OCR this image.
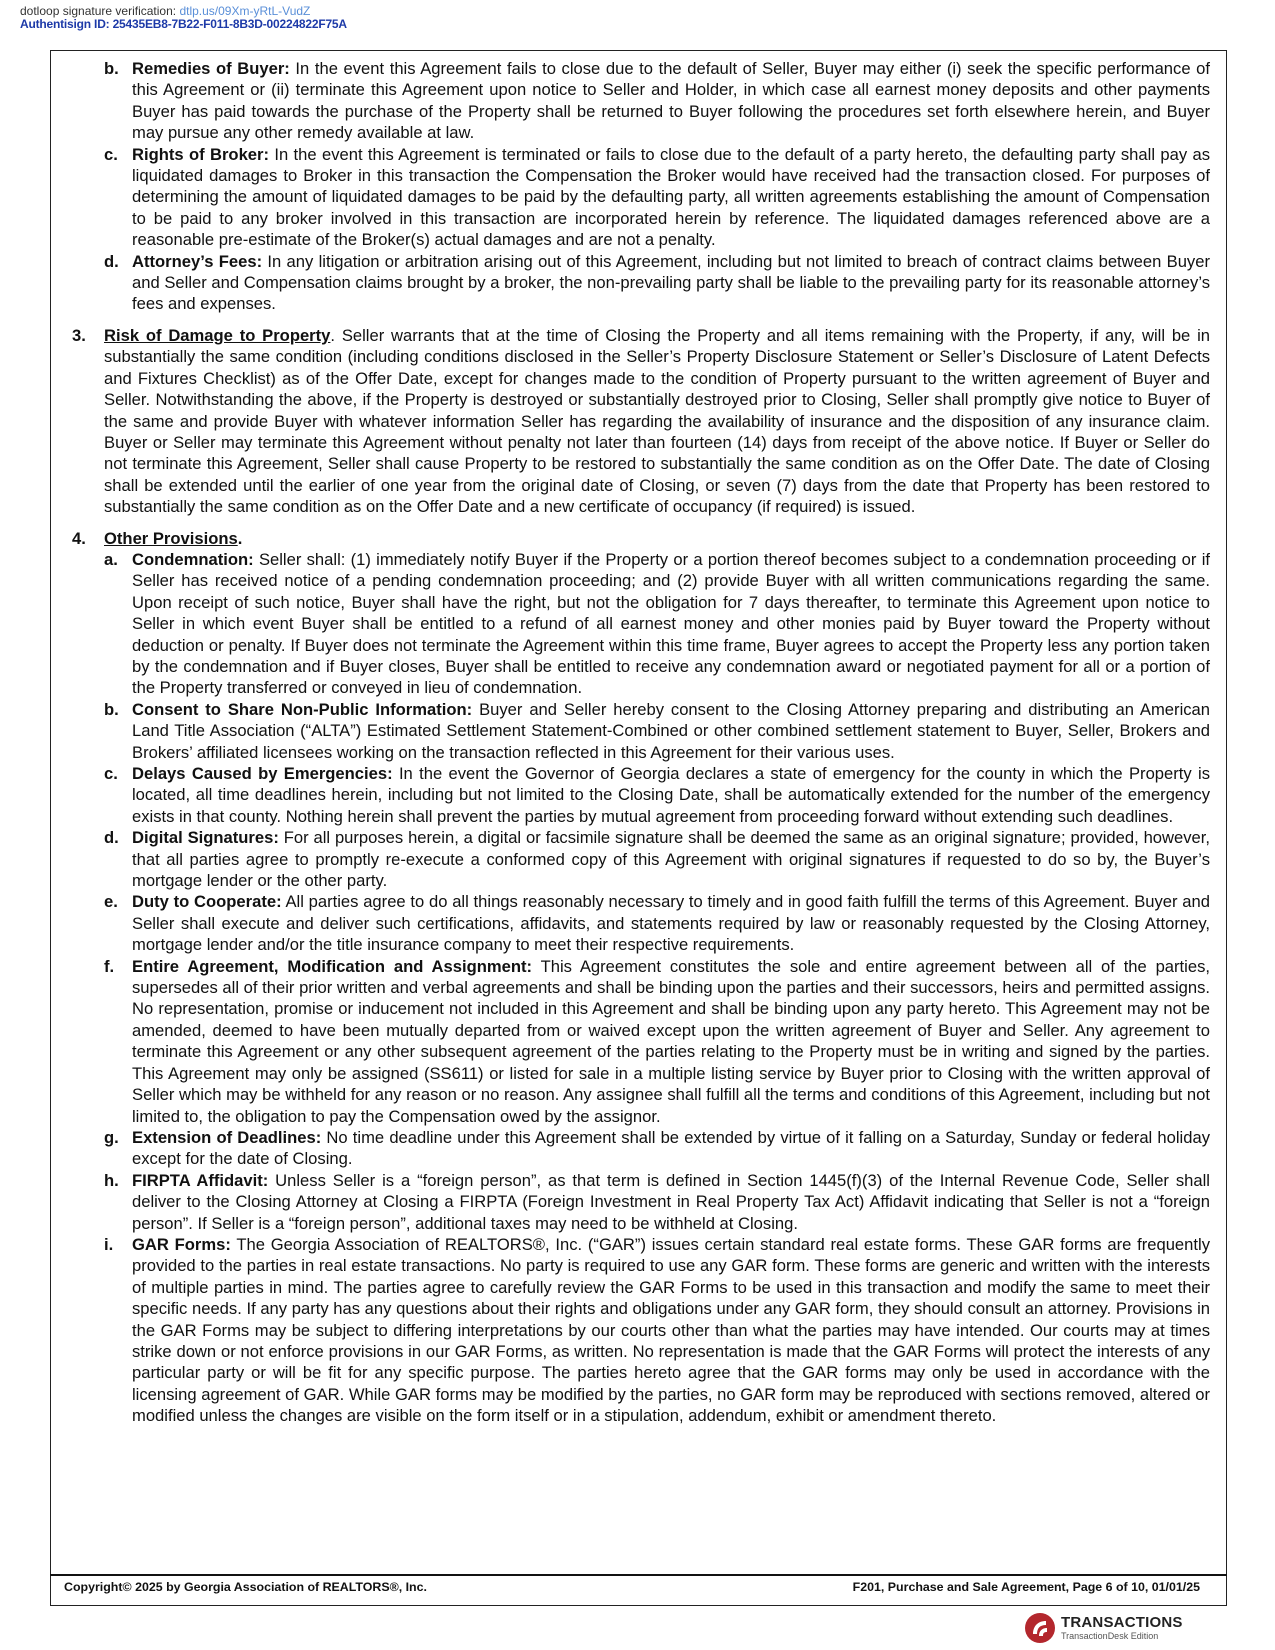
dotloop signature verification: dtlp.us/09Xm-yRtL-VudZ
Authentisign ID: 25435EB8-7B22-F011-8B3D-00224822F75A
b. Remedies of Buyer: In the event this Agreement fails to close due to the default of Seller, Buyer may either (i) seek the specific performance of this Agreement or (ii) terminate this Agreement upon notice to Seller and Holder, in which case all earnest money deposits and other payments Buyer has paid towards the purchase of the Property shall be returned to Buyer following the procedures set forth elsewhere herein, and Buyer may pursue any other remedy available at law.
c. Rights of Broker: In the event this Agreement is terminated or fails to close due to the default of a party hereto, the defaulting party shall pay as liquidated damages to Broker in this transaction the Compensation the Broker would have received had the transaction closed. For purposes of determining the amount of liquidated damages to be paid by the defaulting party, all written agreements establishing the amount of Compensation to be paid to any broker involved in this transaction are incorporated herein by reference. The liquidated damages referenced above are a reasonable pre-estimate of the Broker(s) actual damages and are not a penalty.
d. Attorney’s Fees: In any litigation or arbitration arising out of this Agreement, including but not limited to breach of contract claims between Buyer and Seller and Compensation claims brought by a broker, the non-prevailing party shall be liable to the prevailing party for its reasonable attorney’s fees and expenses.
3. Risk of Damage to Property. Seller warrants that at the time of Closing the Property and all items remaining with the Property, if any, will be in substantially the same condition (including conditions disclosed in the Seller’s Property Disclosure Statement or Seller’s Disclosure of Latent Defects and Fixtures Checklist) as of the Offer Date, except for changes made to the condition of Property pursuant to the written agreement of Buyer and Seller. Notwithstanding the above, if the Property is destroyed or substantially destroyed prior to Closing, Seller shall promptly give notice to Buyer of the same and provide Buyer with whatever information Seller has regarding the availability of insurance and the disposition of any insurance claim. Buyer or Seller may terminate this Agreement without penalty not later than fourteen (14) days from receipt of the above notice. If Buyer or Seller do not terminate this Agreement, Seller shall cause Property to be restored to substantially the same condition as on the Offer Date. The date of Closing shall be extended until the earlier of one year from the original date of Closing, or seven (7) days from the date that Property has been restored to substantially the same condition as on the Offer Date and a new certificate of occupancy (if required) is issued.
4. Other Provisions.
a. Condemnation: Seller shall: (1) immediately notify Buyer if the Property or a portion thereof becomes subject to a condemnation proceeding or if Seller has received notice of a pending condemnation proceeding; and (2) provide Buyer with all written communications regarding the same. Upon receipt of such notice, Buyer shall have the right, but not the obligation for 7 days thereafter, to terminate this Agreement upon notice to Seller in which event Buyer shall be entitled to a refund of all earnest money and other monies paid by Buyer toward the Property without deduction or penalty. If Buyer does not terminate the Agreement within this time frame, Buyer agrees to accept the Property less any portion taken by the condemnation and if Buyer closes, Buyer shall be entitled to receive any condemnation award or negotiated payment for all or a portion of the Property transferred or conveyed in lieu of condemnation.
b. Consent to Share Non-Public Information: Buyer and Seller hereby consent to the Closing Attorney preparing and distributing an American Land Title Association (“ALTA”) Estimated Settlement Statement-Combined or other combined settlement statement to Buyer, Seller, Brokers and Brokers’ affiliated licensees working on the transaction reflected in this Agreement for their various uses.
c. Delays Caused by Emergencies: In the event the Governor of Georgia declares a state of emergency for the county in which the Property is located, all time deadlines herein, including but not limited to the Closing Date, shall be automatically extended for the number of the emergency exists in that county. Nothing herein shall prevent the parties by mutual agreement from proceeding forward without extending such deadlines.
d. Digital Signatures: For all purposes herein, a digital or facsimile signature shall be deemed the same as an original signature; provided, however, that all parties agree to promptly re-execute a conformed copy of this Agreement with original signatures if requested to do so by, the Buyer’s mortgage lender or the other party.
e. Duty to Cooperate: All parties agree to do all things reasonably necessary to timely and in good faith fulfill the terms of this Agreement. Buyer and Seller shall execute and deliver such certifications, affidavits, and statements required by law or reasonably requested by the Closing Attorney, mortgage lender and/or the title insurance company to meet their respective requirements.
f. Entire Agreement, Modification and Assignment: This Agreement constitutes the sole and entire agreement between all of the parties, supersedes all of their prior written and verbal agreements and shall be binding upon the parties and their successors, heirs and permitted assigns. No representation, promise or inducement not included in this Agreement and shall be binding upon any party hereto. This Agreement may not be amended, deemed to have been mutually departed from or waived except upon the written agreement of Buyer and Seller. Any agreement to terminate this Agreement or any other subsequent agreement of the parties relating to the Property must be in writing and signed by the parties. This Agreement may only be assigned (SS611) or listed for sale in a multiple listing service by Buyer prior to Closing with the written approval of Seller which may be withheld for any reason or no reason. Any assignee shall fulfill all the terms and conditions of this Agreement, including but not limited to, the obligation to pay the Compensation owed by the assignor.
g. Extension of Deadlines: No time deadline under this Agreement shall be extended by virtue of it falling on a Saturday, Sunday or federal holiday except for the date of Closing.
h. FIRPTA Affidavit: Unless Seller is a “foreign person”, as that term is defined in Section 1445(f)(3) of the Internal Revenue Code, Seller shall deliver to the Closing Attorney at Closing a FIRPTA (Foreign Investment in Real Property Tax Act) Affidavit indicating that Seller is not a “foreign person”. If Seller is a “foreign person”, additional taxes may need to be withheld at Closing.
i. GAR Forms: The Georgia Association of REALTORS®, Inc. (“GAR”) issues certain standard real estate forms. These GAR forms are frequently provided to the parties in real estate transactions. No party is required to use any GAR form. These forms are generic and written with the interests of multiple parties in mind. The parties agree to carefully review the GAR Forms to be used in this transaction and modify the same to meet their specific needs. If any party has any questions about their rights and obligations under any GAR form, they should consult an attorney. Provisions in the GAR Forms may be subject to differing interpretations by our courts other than what the parties may have intended. Our courts may at times strike down or not enforce provisions in our GAR Forms, as written. No representation is made that the GAR Forms will protect the interests of any particular party or will be fit for any specific purpose. The parties hereto agree that the GAR forms may only be used in accordance with the licensing agreement of GAR. While GAR forms may be modified by the parties, no GAR form may be reproduced with sections removed, altered or modified unless the changes are visible on the form itself or in a stipulation, addendum, exhibit or amendment thereto.
Copyright© 2025 by Georgia Association of REALTORS®, Inc.	F201, Purchase and Sale Agreement, Page 6 of 10, 01/01/25
TRANSACTIONS
TransactionDesk Edition
